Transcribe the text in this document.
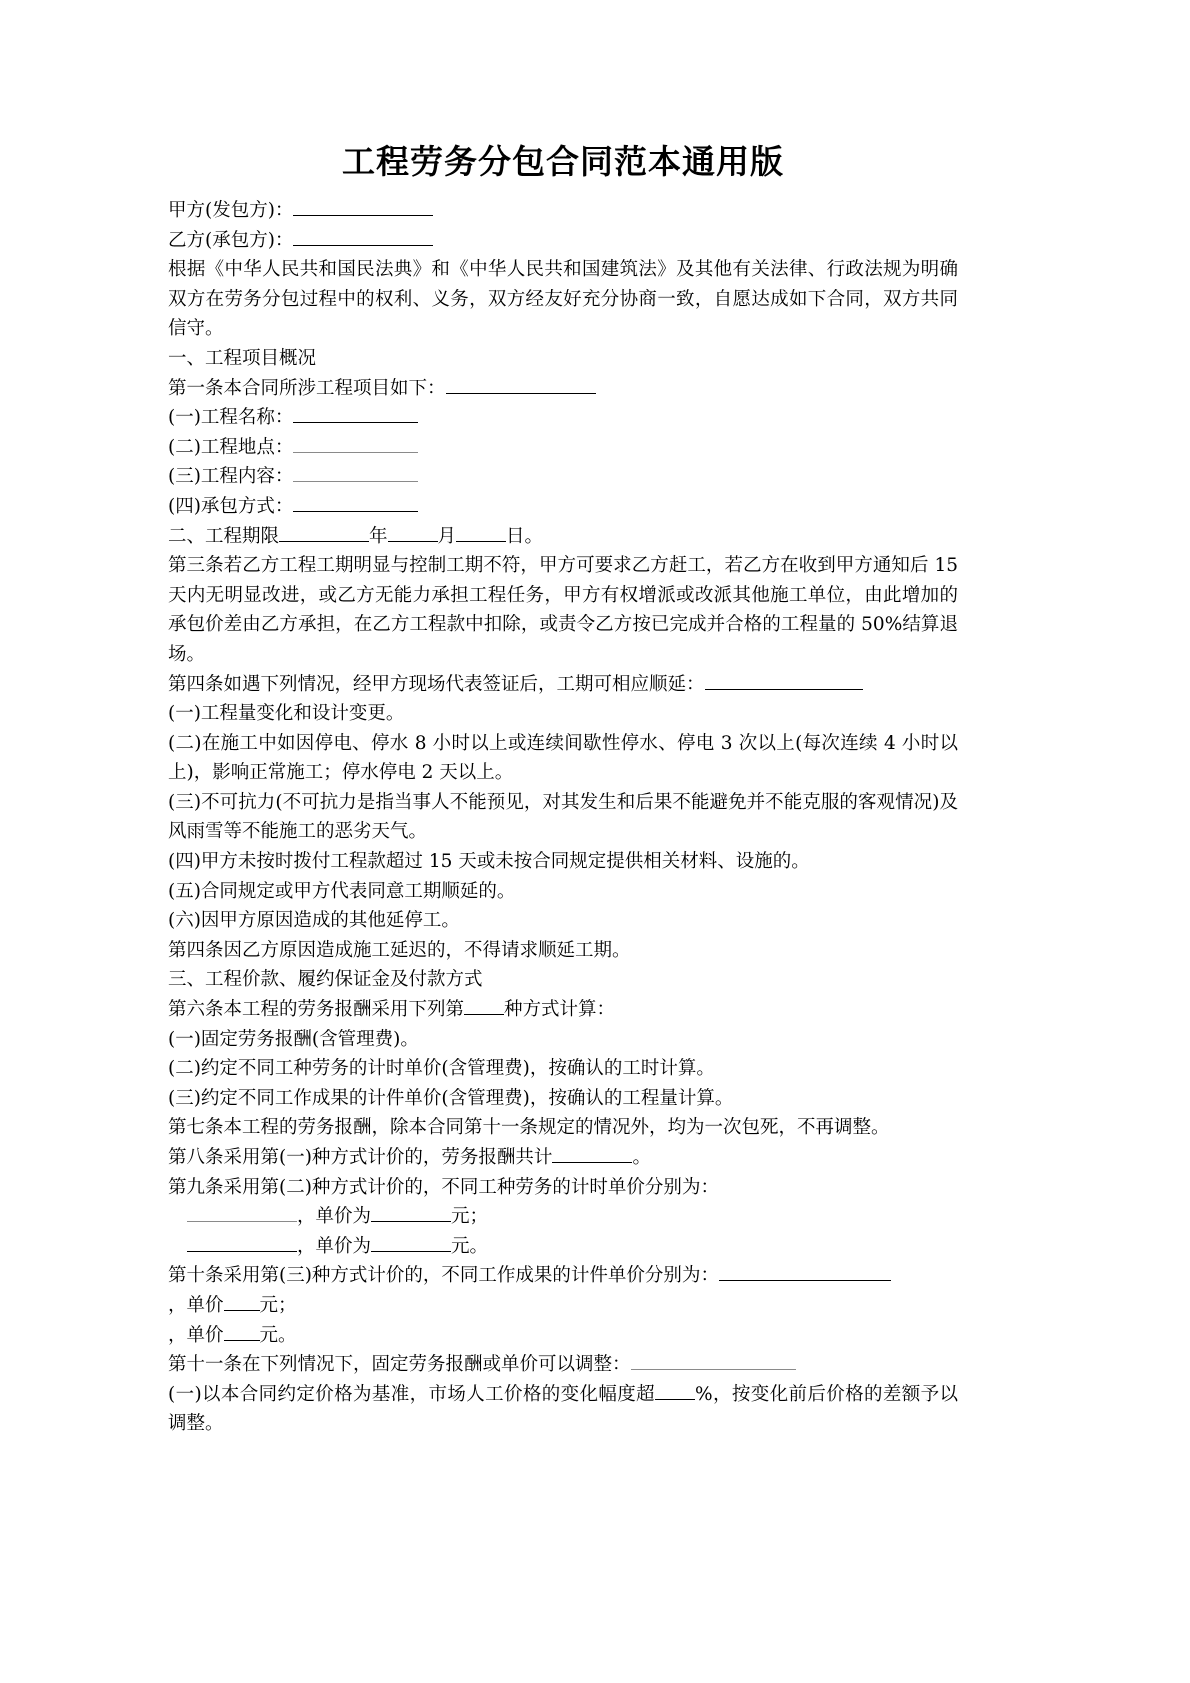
工程劳务分包合同范本通用版

甲方(发包方)：

乙方(承包方)：

根据《中华人民共和国民法典》和《中华人民共和国建筑法》及其他有关法律、行政法规为明确双方在劳务分包过程中的权利、义务，双方经友好充分协商一致，自愿达成如下合同，双方共同信守。

一、工程项目概况

第一条本合同所涉工程项目如下：

(一)工程名称：

(二)工程地点：

(三)工程内容：

(四)承包方式：

二、工程期限	年	月	日。

第三条若乙方工程工期明显与控制工期不符，甲方可要求乙方赶工，若乙方在收到甲方通知后 15 天内无明显改进，或乙方无能力承担工程任务，甲方有权增派或改派其他施工单位，由此增加的承包价差由乙方承担，在乙方工程款中扣除，或责令乙方按已完成并合格的工程量的 50%结算退场。

第四条如遇下列情况，经甲方现场代表签证后，工期可相应顺延：

(一)工程量变化和设计变更。

(二)在施工中如因停电、停水 8 小时以上或连续间歇性停水、停电 3 次以上(每次连续 4 小时以上)，影响正常施工；停水停电 2 天以上。

(三)不可抗力(不可抗力是指当事人不能预见，对其发生和后果不能避免并不能克服的客观情况)及风雨雪等不能施工的恶劣天气。

(四)甲方未按时拨付工程款超过 15 天或未按合同规定提供相关材料、设施的。

(五)合同规定或甲方代表同意工期顺延的。

(六)因甲方原因造成的其他延停工。

第四条因乙方原因造成施工延迟的，不得请求顺延工期。

三、工程价款、履约保证金及付款方式

第六条本工程的劳务报酬采用下列第 种方式计算：

(一)固定劳务报酬(含管理费)。

(二)约定不同工种劳务的计时单价(含管理费)，按确认的工时计算。

(三)约定不同工作成果的计件单价(含管理费)，按确认的工程量计算。

第七条本工程的劳务报酬，除本合同第十一条规定的情况外，均为一次包死，不再调整。

第八条采用第(一)种方式计价的，劳务报酬共计	。

第九条采用第(二)种方式计价的，不同工种劳务的计时单价分别为：

，单价为	元；

，单价为	元。

第十条采用第(三)种方式计价的，不同工作成果的计件单价分别为：

，单价 元；

，单价 元。

第十一条在下列情况下，固定劳务报酬或单价可以调整：

(一)以本合同约定价格为基准，市场人工价格的变化幅度超 %，按变化前后价格的差额予以调整。
